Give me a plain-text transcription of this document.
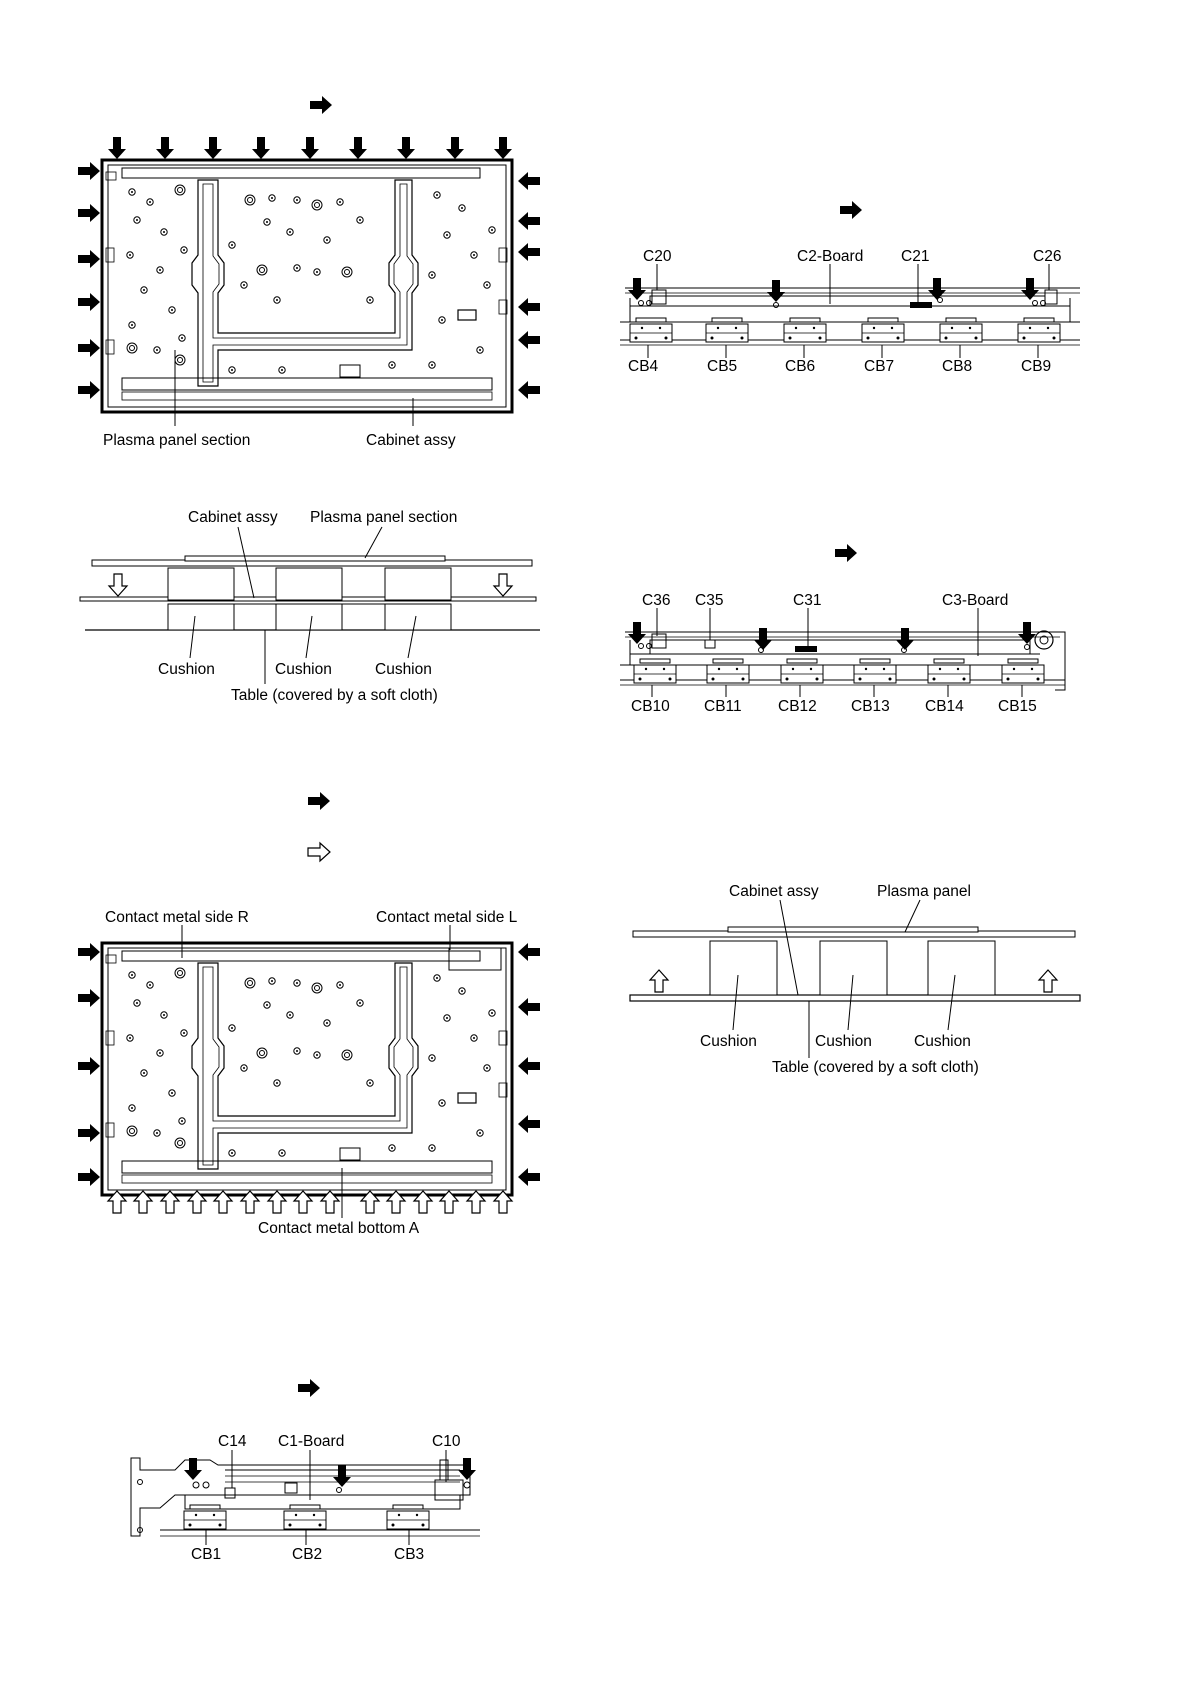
Plasma panel section	Cabinet assy
Cabinet assy Plasma panel section
Cushion	Cushion	Cushion
Table (covered by a soft cloth)
C20	C2-Board C21	C26
CB4	CB5	CB6	CB7	CB8	CB9
C36 C35	C31	C3-Board
CB10 CB11 CB12 CB13 CB14 CB15
Contact metal side R	Contact metal side L
Contact metal bottom A
Cabinet assy	Plasma panel
Cushion	Cushion	Cushion
Table (covered by a soft cloth)
C14 C1-Board	C10
CB1	CB2	CB3
